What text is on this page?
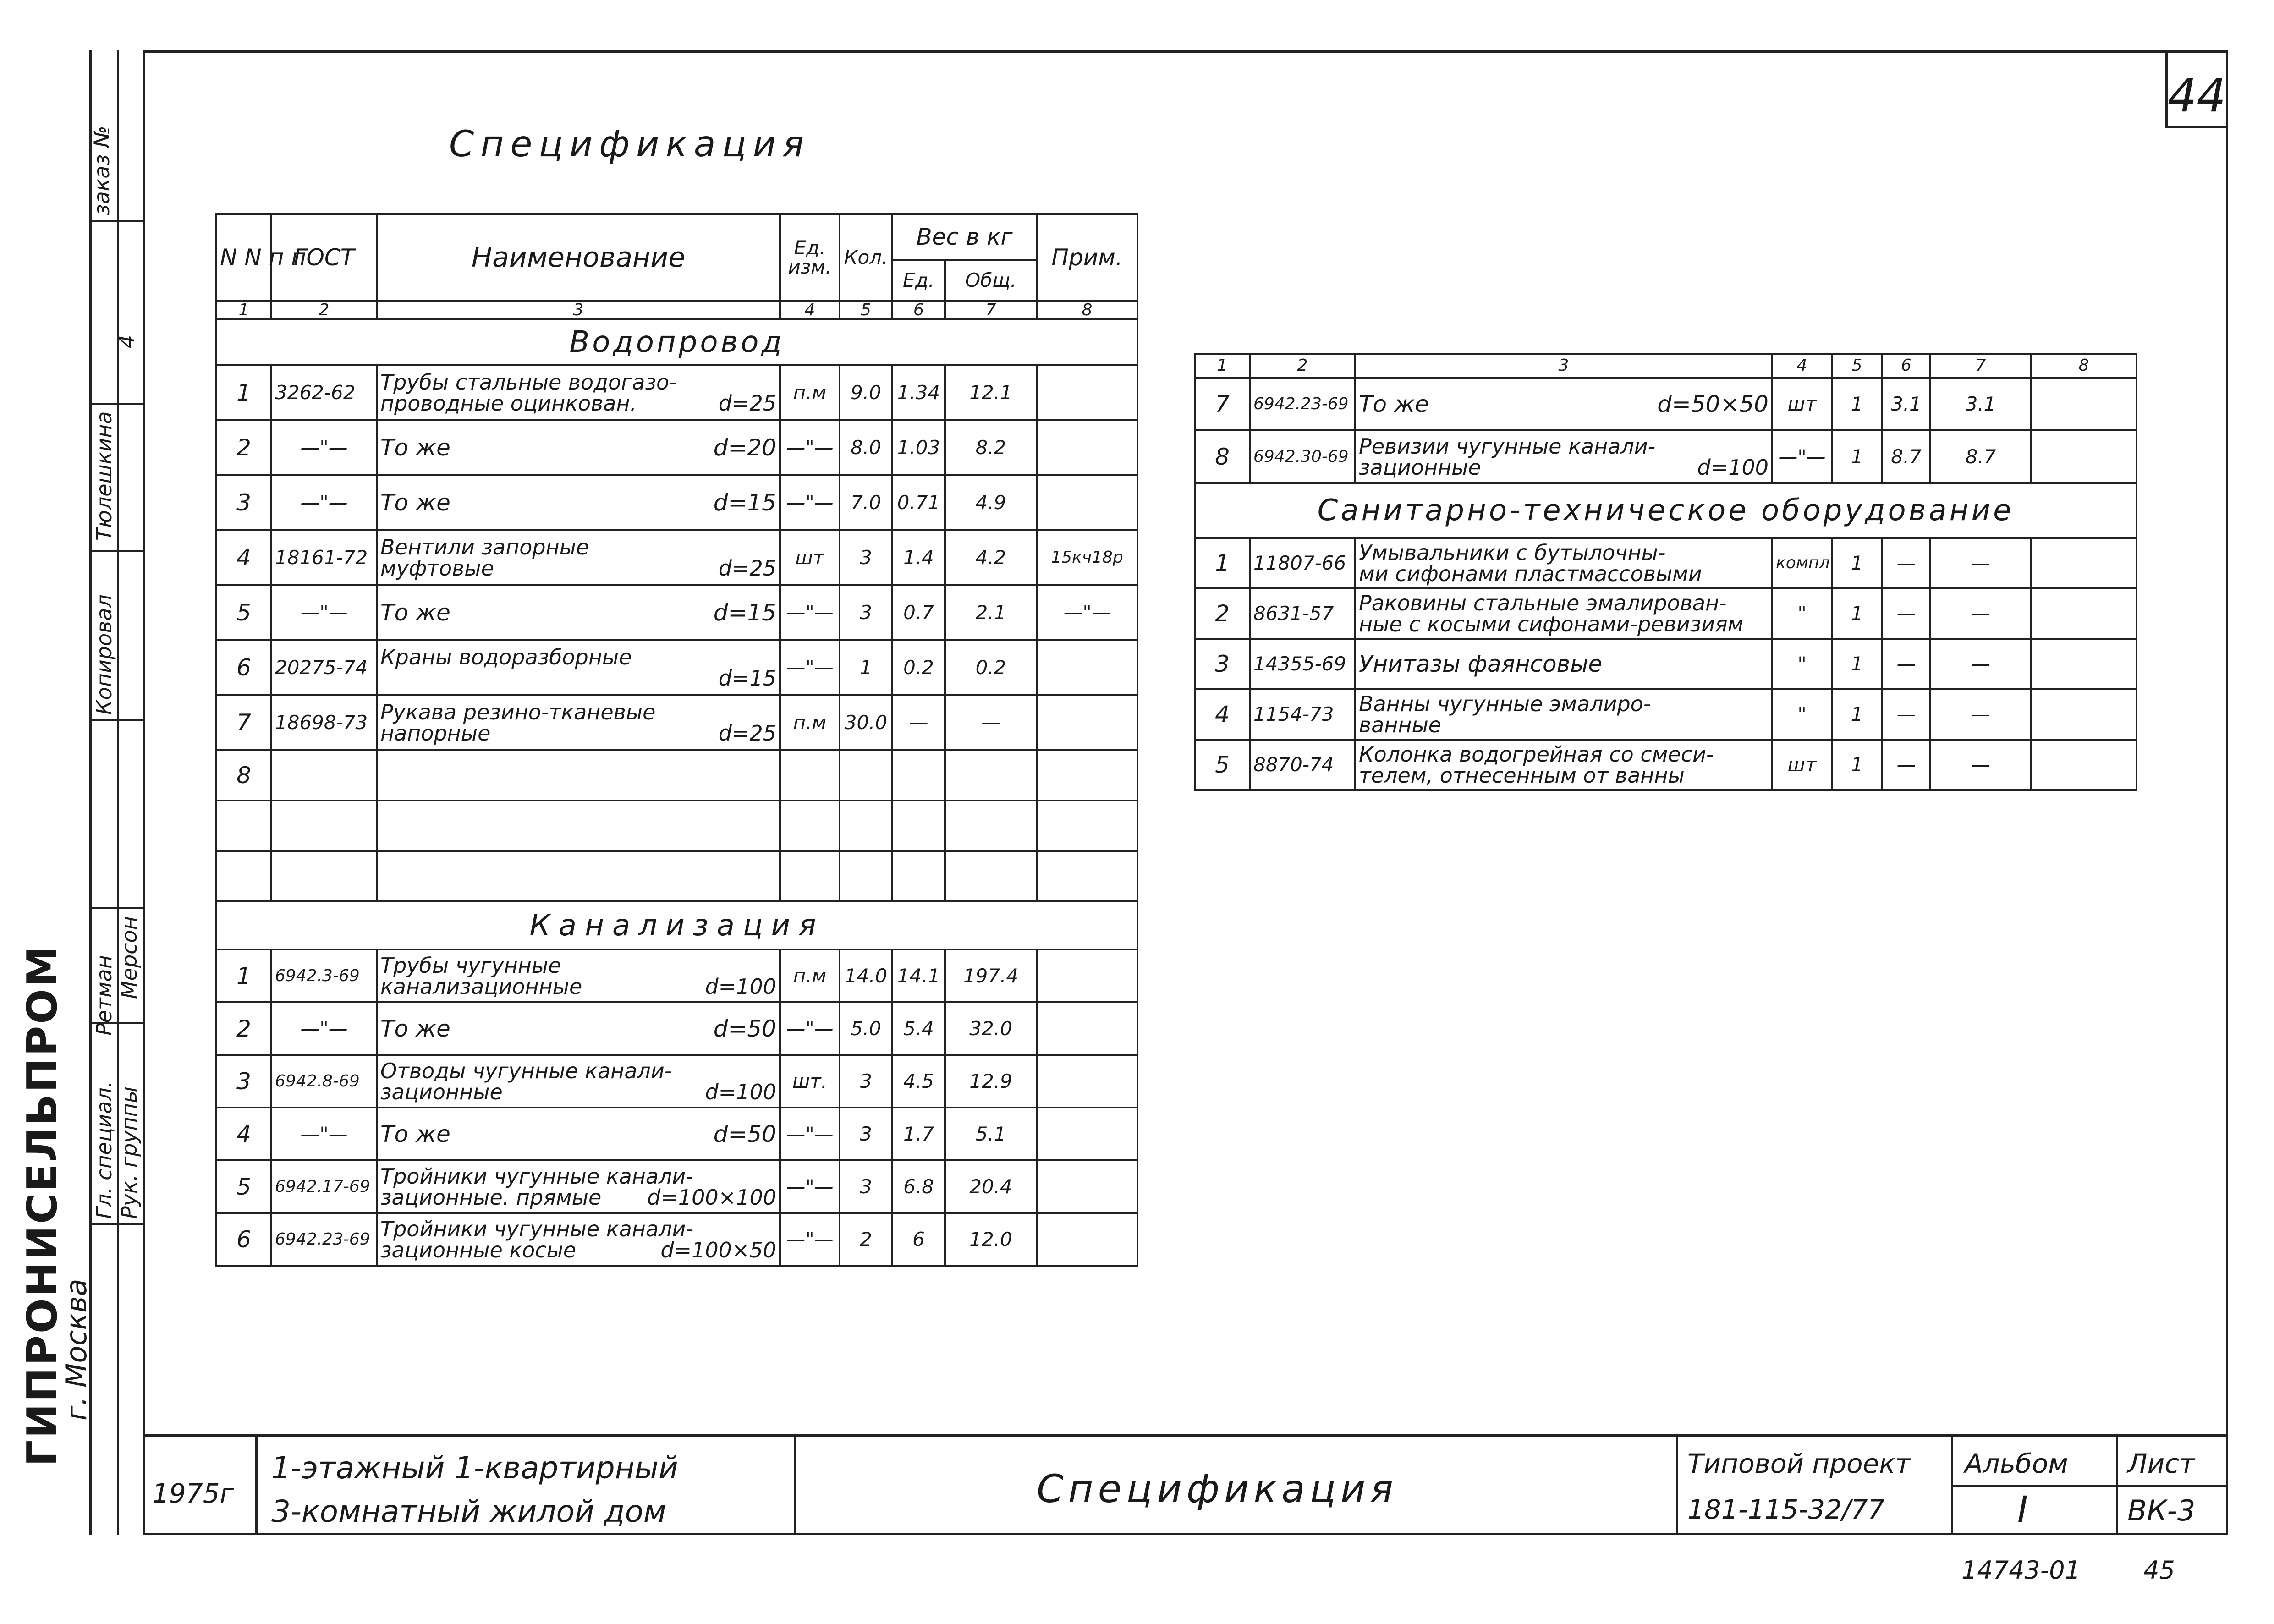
44
заказ №
4
Тюлешкина
Копировал
Мерсон
Ретман
Гл. специал. Рук. группы
ГИПРОНИСЕЛЬПРОМ
г. Москва
Спецификация
N N п п	ГОСТ	Наименование	Ед. изм.	Кол.	Вес в кг		Прим.
					Ед.	Общ.	
1	2	3	4	5	6	7	8
Водопровод							
1	3262-62	Трубы стальные водогазо-
проводные оцинкован. d=25	п.м	9.0	1.34	12.1	
2	—"—	То же d=20	—"—	8.0	1.03	8.2	
3	—"—	То же d=15	—"—	7.0	0.71	4.9	
4	18161-72	Вентили запорные
муфтовые d=25	шт	3	1.4	4.2	15кч18р
5	—"—	То же d=15	—"—	3	0.7	2.1	—"—
6	20275-74	Краны водоразборные
d=15	—"—	1	0.2	0.2	
7	18698-73	Рукава резино-тканевые
напорные d=25	п.м	30.0	—	—	
8							

Канализация							
1	6942.3-69	Трубы чугунные
канализационные d=100	п.м	14.0	14.1	197.4	
2	—"—	То же d=50	—"—	5.0	5.4	32.0	
3	6942.8-69	Отводы чугунные канали-
зационные d=100	шт.	3	4.5	12.9	
4	—"—	То же d=50	—"—	3	1.7	5.1	
5	6942.17-69	Тройники чугунные канали-
зационные. прямые d=100×100	—"—	3	6.8	20.4	
6	6942.23-69	Тройники чугунные канали-
зационные косые d=100×50	—"—	2	6	12.0	
1	2	3	4	5	6	7	8
7	6942.23-69	То же d=50×50	шт	1	3.1	3.1	
8	6942.30-69	Ревизии чугунные канали-
зационные d=100	—"—	1	8.7	8.7	
Санитарно-техническое оборудование							
1	11807-66	Умывальники с бутылочны-
ми сифонами пластмассовыми	компл	1	—	—	
2	8631-57	Раковины стальные эмалирован-
ные с косыми сифонами-ревизиям	"	1	—	—	
3	14355-69	Унитазы фаянсовые	"	1	—	—	
4	1154-73	Ванны чугунные эмалиро-
ванные	"	1	—	—	
5	8870-74	Колонка водогрейная со смеси-
телем, отнесенным от ванны	шт	1	—	—	
1975г
1-этажный 1-квартирный
3-комнатный жилой дом
Спецификация
Типовой проект
181-115-32/77
Альбом
I
Лист
ВК-3
14743-01	45
